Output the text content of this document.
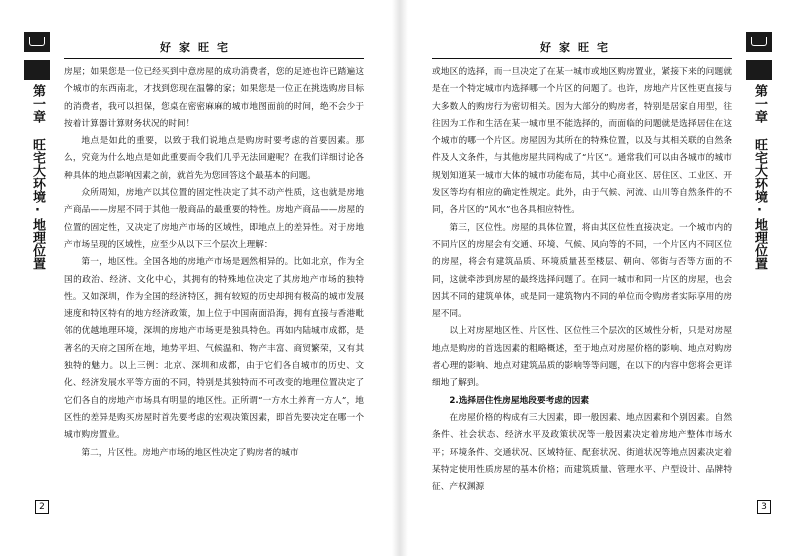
好家旺宅
第一章 旺宅大环境·地理位置

房屋；如果您是一位已经买到中意房屋的成功消费者，您的足迹也许已踏遍这个城市的东西南北，才找到您现在温馨的家；如果您是一位正在挑选购房目标的消费者，我可以担保，您桌在密密麻麻的城市地图面前的时间，绝不会少于按着计算器计算财务状况的时间！

地点是如此的重要，以致于我们说地点是购房时要考虑的首要因素。那么，究竟为什么地点是如此重要而令我们几乎无法回避呢？在我们详细讨论各种具体的地点影响因素之前，就首先为您回答这个最基本的问题。

众所周知，房地产以其位置的固定性决定了其不动产性质，这也就是房地产商品——房屋不同于其他一般商品的最重要的特性。房地产商品——房屋的位置的固定性，又决定了房地产市场的区域性，即地点上的差异性。对于房地产市场呈现的区域性，应至少从以下三个层次上理解：

第一，地区性。全国各地的房地产市场是迥然相异的。比如北京，作为全国的政治、经济、文化中心，其拥有的特殊地位决定了其房地产市场的独特性。又如深圳，作为全国的经济特区，拥有较短的历史却拥有极高的城市发展速度和特区特有的地方经济政策，加上位于中国南面沿海，拥有直接与香港毗邻的优越地理环境，深圳的房地产市场更是独具特色。再如内陆城市成都，是著名的天府之国所在地，地势平坦、气候温和、物产丰富、商贸繁荣，又有其独特的魅力。以上三例：北京、深圳和成都，由于它们各自城市的历史、文化、经济发展水平等方面的不同，特别是其独特而不可改变的地理位置决定了它们各自的房地产市场具有明显的地区性。正所谓“一方水土养育一方人”，地区性的差异是购买房屋时首先要考虑的宏观决策因素，即首先要决定在哪一个城市购房置业。

第二，片区性。房地产市场的地区性决定了购房者的城市

2
好家旺宅
第一章 旺宅大环境·地理位置

或地区的选择，而一旦决定了在某一城市或地区购房置业，紧接下来的问题就是在一个特定城市内选择哪一个片区的问题了。也许，房地产片区性更直接与大多数人的购房行为密切相关。因为大部分的购房者，特别是居家自用型，往往因为工作和生活在某一城市里不能选择的，而面临的问题就是选择居住在这个城市的哪一个片区。房屋因为其所在的特殊位置，以及与其相关联的自然条件及人文条件，与其他房屋共同构成了“片区”。通常我们可以由各城市的城市规划知道某一城市大体的城市功能布局，其中心商业区、居住区、工业区、开发区等均有相应的确定性规定。此外，由于气候、河流、山川等自然条件的不同，各片区的“风水”也各具相应特性。

第三，区位性。房屋的具体位置，将由其区位性直接决定。一个城市内的不同片区的房屋会有交通、环境、气候、风向等的不同，一个片区内不同区位的房屋，将会有建筑品质、环境质量甚至楼层、朝向、邻街与否等方面的不同，这就牵涉到房屋的最终选择问题了。在同一城市和同一片区的房屋，也会因其不同的建筑单体，或是同一建筑物内不同的单位而令购房者实际享用的房屋不同。

以上对房屋地区性、片区性、区位性三个层次的区域性分析，只是对房屋地点是购房的首选因素的粗略概述，至于地点对房屋价格的影响、地点对购房者心理的影响、地点对建筑品质的影响等等问题，在以下的内容中您将会更详细地了解到。

2.选择居住性房屋地段要考虑的因素

在房屋价格的构成有三大因素，即一般因素、地点因素和个别因素。自然条件、社会状态、经济水平及政策状况等一般因素决定着房地产整体市场水平；环境条件、交通状况、区域特征、配套状况、街道状况等地点因素决定着某特定使用性质房屋的基本价格；而建筑质量、管理水平、户型设计、品牌特征、产权渊源

3
